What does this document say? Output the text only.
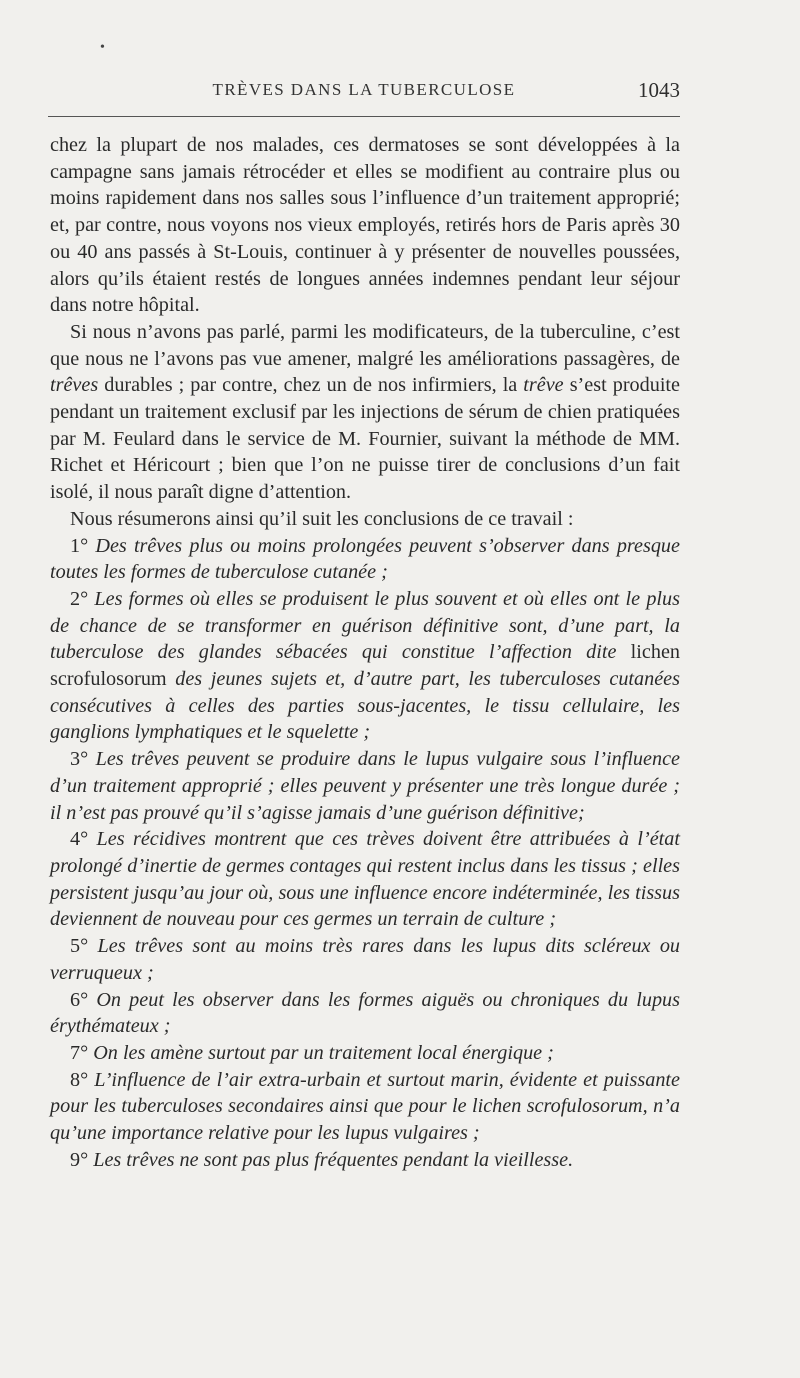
•
TRÈVES DANS LA TUBERCULOSE	1043

chez la plupart de nos malades, ces dermatoses se sont développées à la campagne sans jamais rétrocéder et elles se modifient au contraire plus ou moins rapidement dans nos salles sous l’influence d’un traitement approprié; et, par contre, nous voyons nos vieux employés, retirés hors de Paris après 30 ou 40 ans passés à St-Louis, continuer à y présenter de nouvelles poussées, alors qu’ils étaient restés de longues années indemnes pendant leur séjour dans notre hôpital.

Si nous n’avons pas parlé, parmi les modificateurs, de la tuberculine, c’est que nous ne l’avons pas vue amener, malgré les améliorations passagères, de trêves durables ; par contre, chez un de nos infirmiers, la trêve s’est produite pendant un traitement exclusif par les injections de sérum de chien pratiquées par M. Feulard dans le service de M. Fournier, suivant la méthode de MM. Richet et Héricourt ; bien que l’on ne puisse tirer de conclusions d’un fait isolé, il nous paraît digne d’attention.

Nous résumerons ainsi qu’il suit les conclusions de ce travail :

1° Des trêves plus ou moins prolongées peuvent s’observer dans presque toutes les formes de tuberculose cutanée ;

2° Les formes où elles se produisent le plus souvent et où elles ont le plus de chance de se transformer en guérison définitive sont, d’une part, la tuberculose des glandes sébacées qui constitue l’affection dite lichen scrofulosorum des jeunes sujets et, d’autre part, les tuberculoses cutanées consécutives à celles des parties sous-jacentes, le tissu cellulaire, les ganglions lymphatiques et le squelette ;

3° Les trêves peuvent se produire dans le lupus vulgaire sous l’influence d’un traitement approprié ; elles peuvent y présenter une très longue durée ; il n’est pas prouvé qu’il s’agisse jamais d’une guérison définitive;

4° Les récidives montrent que ces trèves doivent être attribuées à l’état prolongé d’inertie de germes contages qui restent inclus dans les tissus ; elles persistent jusqu’au jour où, sous une influence encore indéterminée, les tissus deviennent de nouveau pour ces germes un terrain de culture ;

5° Les trêves sont au moins très rares dans les lupus dits scléreux ou verruqueux ;

6° On peut les observer dans les formes aiguës ou chroniques du lupus érythémateux ;

7° On les amène surtout par un traitement local énergique ;

8° L’influence de l’air extra-urbain et surtout marin, évidente et puissante pour les tuberculoses secondaires ainsi que pour le lichen scrofulosorum, n’a qu’une importance relative pour les lupus vulgaires ;

9° Les trêves ne sont pas plus fréquentes pendant la vieillesse.
